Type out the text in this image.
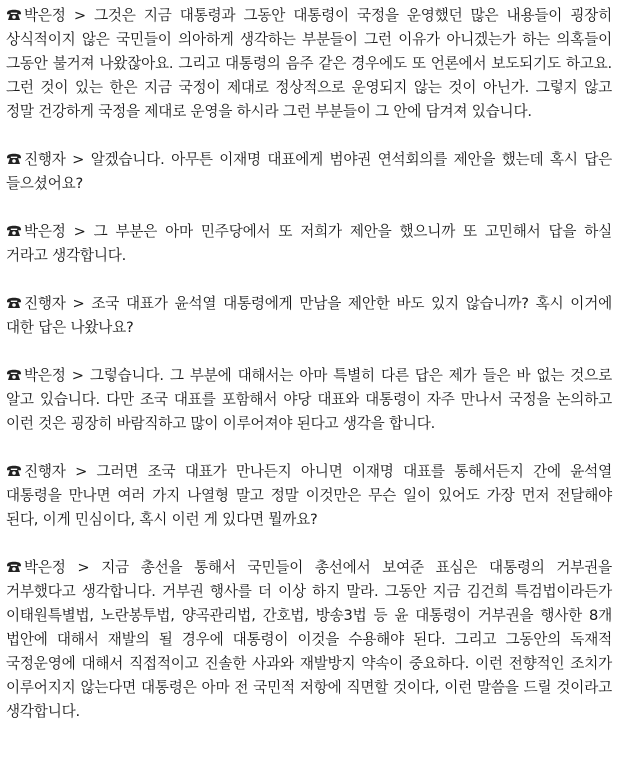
박은정 > 그것은 지금 대통령과 그동안 대통령이 국정을 운영했던 많은 내용들이 굉장히 상식적이지 않은 국민들이 의아하게 생각하는 부분들이 그런 이유가 아니겠는가 하는 의혹들이 그동안 불거져 나왔잖아요. 그리고 대통령의 음주 같은 경우에도 또 언론에서 보도되기도 하고요. 그런 것이 있는 한은 지금 국정이 제대로 정상적으로 운영되지 않는 것이 아닌가. 그렇지 않고 정말 건강하게 국정을 제대로 운영을 하시라 그런 부분들이 그 안에 담겨져 있습니다.

진행자 > 알겠습니다. 아무튼 이재명 대표에게 범야권 연석회의를 제안을 했는데 혹시 답은 들으셨어요?

박은정 > 그 부분은 아마 민주당에서 또 저희가 제안을 했으니까 또 고민해서 답을 하실 거라고 생각합니다.

진행자 > 조국 대표가 윤석열 대통령에게 만남을 제안한 바도 있지 않습니까? 혹시 이거에 대한 답은 나왔나요?

박은정 > 그렇습니다. 그 부분에 대해서는 아마 특별히 다른 답은 제가 들은 바 없는 것으로 알고 있습니다. 다만 조국 대표를 포함해서 야당 대표와 대통령이 자주 만나서 국정을 논의하고 이런 것은 굉장히 바람직하고 많이 이루어져야 된다고 생각을 합니다.

진행자 > 그러면 조국 대표가 만나든지 아니면 이재명 대표를 통해서든지 간에 윤석열 대통령을 만나면 여러 가지 나열형 말고 정말 이것만은 무슨 일이 있어도 가장 먼저 전달해야 된다, 이게 민심이다, 혹시 이런 게 있다면 뭘까요?

박은정 > 지금 총선을 통해서 국민들이 총선에서 보여준 표심은 대통령의 거부권을 거부했다고 생각합니다. 거부권 행사를 더 이상 하지 말라. 그동안 지금 김건희 특검법이라든가 이태원특별법, 노란봉투법, 양곡관리법, 간호법, 방송3법 등 윤 대통령이 거부권을 행사한 8개 법안에 대해서 재발의 될 경우에 대통령이 이것을 수용해야 된다. 그리고 그동안의 독재적 국정운영에 대해서 직접적이고 진솔한 사과와 재발방지 약속이 중요하다. 이런 전향적인 조치가 이루어지지 않는다면 대통령은 아마 전 국민적 저항에 직면할 것이다, 이런 말씀을 드릴 것이라고 생각합니다.
